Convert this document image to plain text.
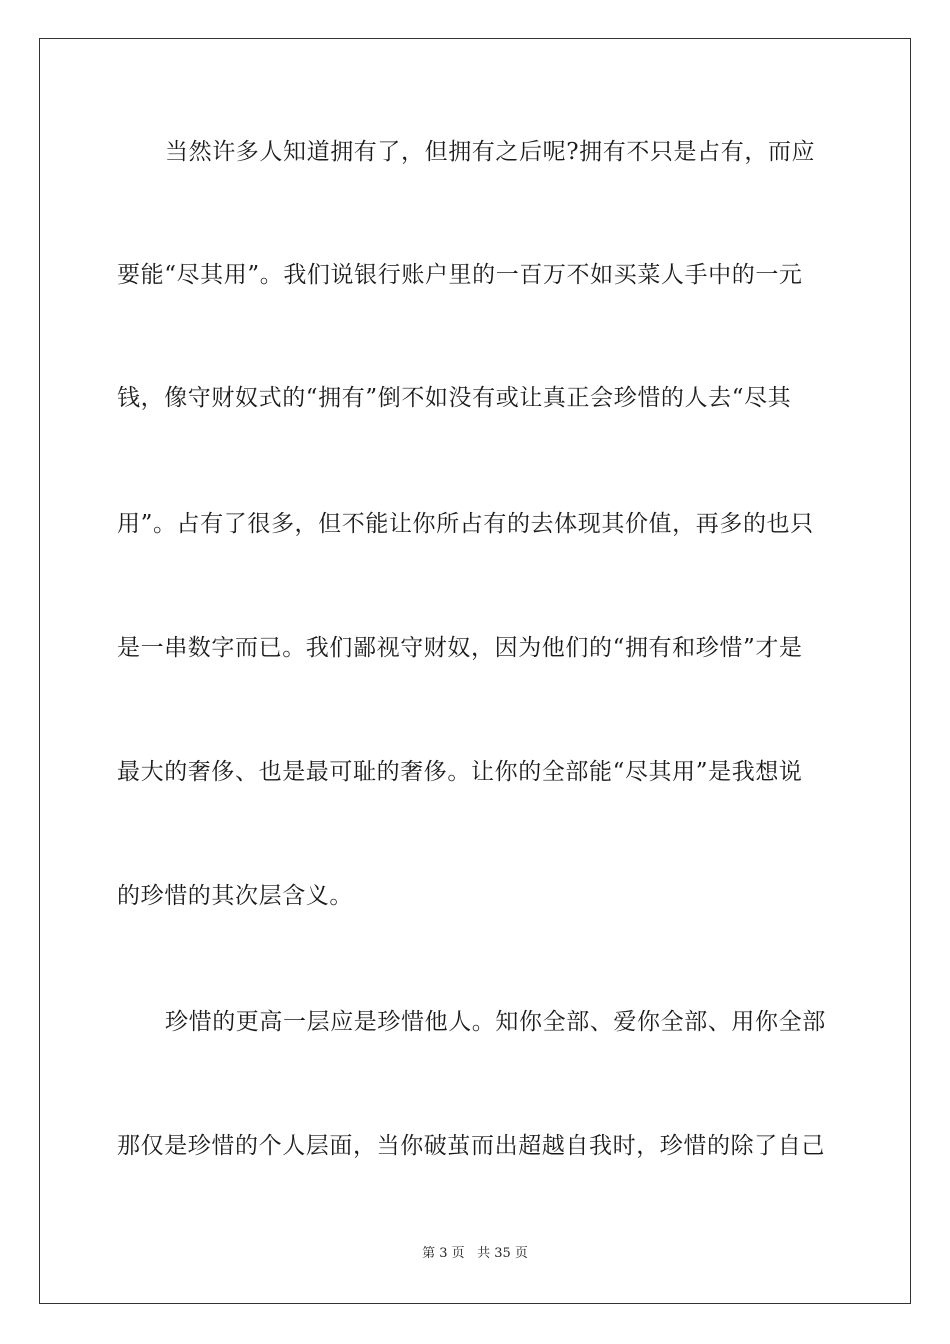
当然许多人知道拥有了，但拥有之后呢?拥有不只是占有，而应
要能“尽其用”。我们说银行账户里的一百万不如买菜人手中的一元
钱，像守财奴式的“拥有”倒不如没有或让真正会珍惜的人去“尽其
用”。占有了很多，但不能让你所占有的去体现其价值，再多的也只
是一串数字而已。我们鄙视守财奴，因为他们的“拥有和珍惜”才是
最大的奢侈、也是最可耻的奢侈。让你的全部能“尽其用”是我想说
的珍惜的其次层含义。
珍惜的更高一层应是珍惜他人。知你全部、爱你全部、用你全部
那仅是珍惜的个人层面，当你破茧而出超越自我时，珍惜的除了自己
第 3 页 共 35 页
